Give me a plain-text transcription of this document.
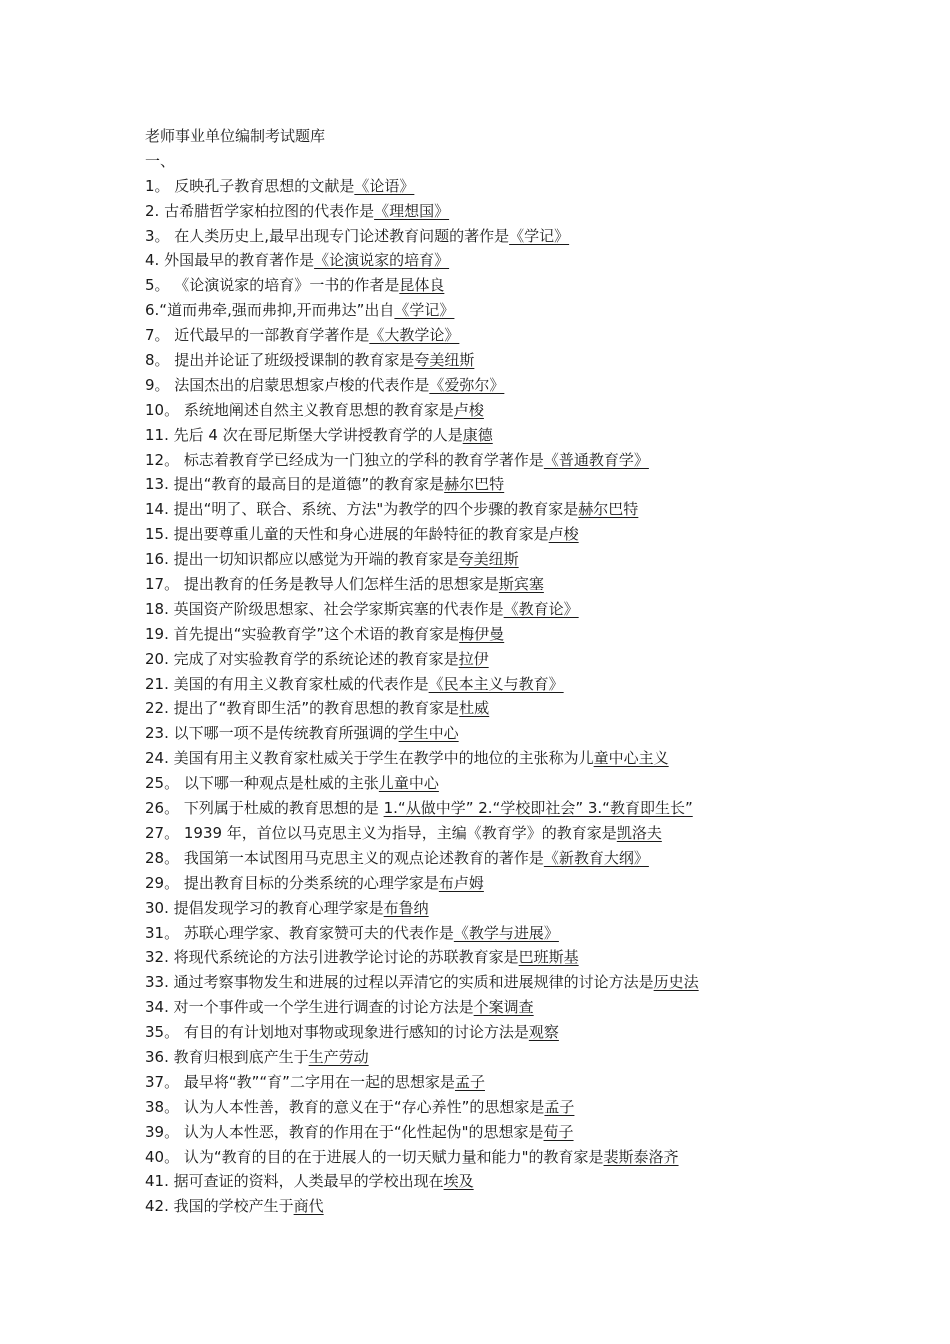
老师事业单位编制考试题库
一、
1。 反映孔子教育思想的文献是《论语》
2. 古希腊哲学家柏拉图的代表作是《理想国》
3。 在人类历史上,最早出现专门论述教育问题的著作是《学记》
4. 外国最早的教育著作是《论演说家的培育》
5。 《论演说家的培育》一书的作者是昆体良
6.“道而弗牵,强而弗抑,开而弗达”出自《学记》
7。 近代最早的一部教育学著作是《大教学论》
8。 提出并论证了班级授课制的教育家是夸美纽斯
9。 法国杰出的启蒙思想家卢梭的代表作是《爱弥尔》
10。 系统地阐述自然主义教育思想的教育家是卢梭
11. 先后 4 次在哥尼斯堡大学讲授教育学的人是康德
12。 标志着教育学已经成为一门独立的学科的教育学著作是《普通教育学》
13. 提出“教育的最高目的是道德”的教育家是赫尔巴特
14. 提出“明了、联合、系统、方法"为教学的四个步骤的教育家是赫尔巴特
15. 提出要尊重儿童的天性和身心进展的年龄特征的教育家是卢梭
16. 提出一切知识都应以感觉为开端的教育家是夸美纽斯
17。 提出教育的任务是教导人们怎样生活的思想家是斯宾塞
18. 英国资产阶级思想家、社会学家斯宾塞的代表作是《教育论》
19. 首先提出“实验教育学”这个术语的教育家是梅伊曼
20. 完成了对实验教育学的系统论述的教育家是拉伊
21. 美国的有用主义教育家杜威的代表作是《民本主义与教育》
22. 提出了“教育即生活”的教育思想的教育家是杜威
23. 以下哪一项不是传统教育所强调的学生中心
24. 美国有用主义教育家杜威关于学生在教学中的地位的主张称为儿童中心主义
25。 以下哪一种观点是杜威的主张儿童中心
26。 下列属于杜威的教育思想的是 1.“从做中学” 2.“学校即社会” 3.“教育即生长”
27。 1939 年，首位以马克思主义为指导，主编《教育学》的教育家是凯洛夫
28。 我国第一本试图用马克思主义的观点论述教育的著作是《新教育大纲》
29。 提出教育目标的分类系统的心理学家是布卢姆
30. 提倡发现学习的教育心理学家是布鲁纳
31。 苏联心理学家、教育家赞可夫的代表作是《教学与进展》
32. 将现代系统论的方法引进教学论讨论的苏联教育家是巴班斯基
33. 通过考察事物发生和进展的过程以弄清它的实质和进展规律的讨论方法是历史法
34. 对一个事件或一个学生进行调查的讨论方法是个案调查
35。 有目的有计划地对事物或现象进行感知的讨论方法是观察
36. 教育归根到底产生于生产劳动
37。 最早将“教”“育”二字用在一起的思想家是孟子
38。 认为人本性善，教育的意义在于“存心养性”的思想家是孟子
39。 认为人本性恶，教育的作用在于“化性起伪"的思想家是荀子
40。 认为“教育的目的在于进展人的一切天赋力量和能力"的教育家是裴斯泰洛齐
41. 据可查证的资料，人类最早的学校出现在埃及
42. 我国的学校产生于商代
